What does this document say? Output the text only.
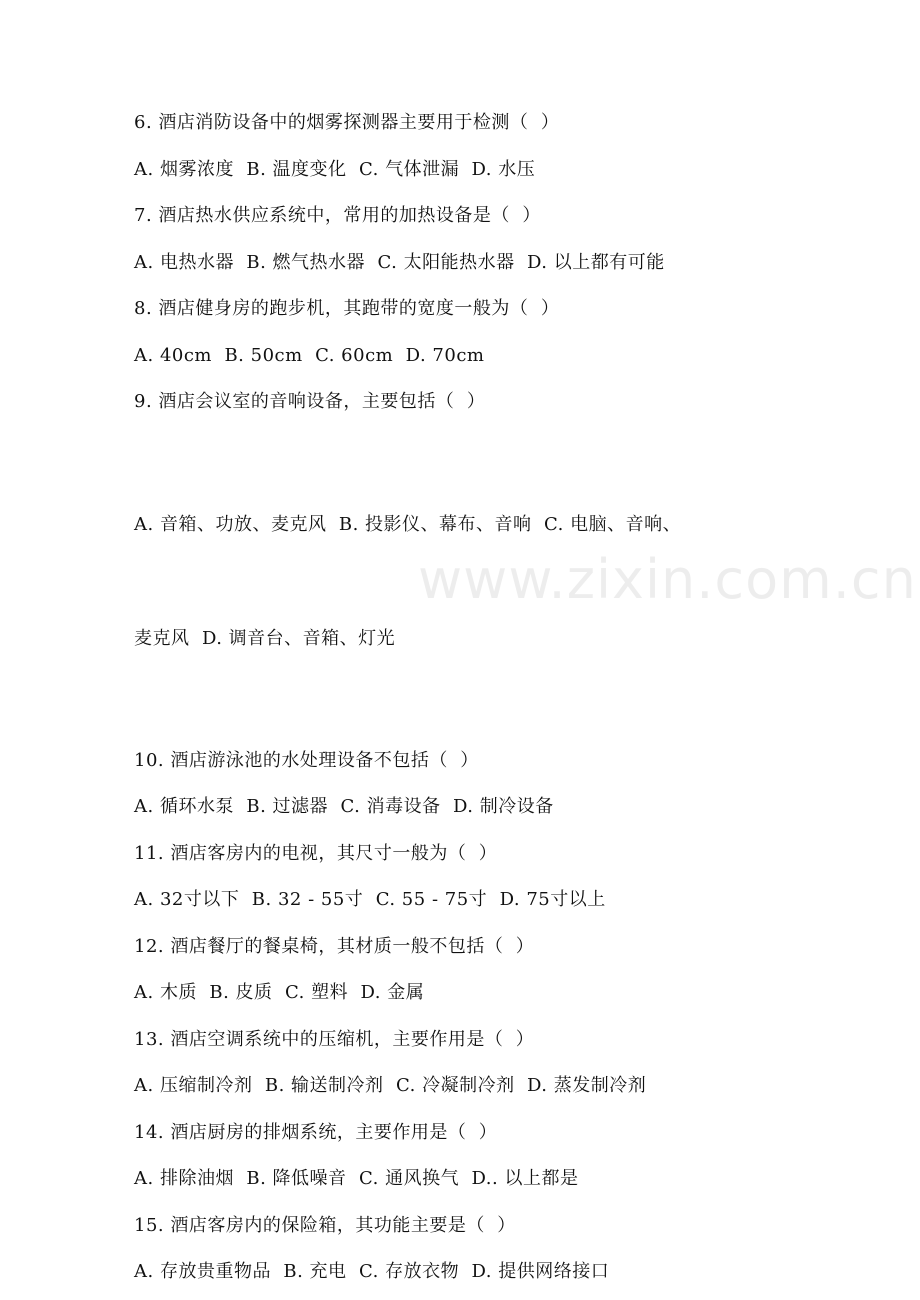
www.zixin.com.cn
6. 酒店消防设备中的烟雾探测器主要用于检测（  ）
A. 烟雾浓度  B. 温度变化  C. 气体泄漏  D. 水压
7. 酒店热水供应系统中，常用的加热设备是（  ）
A. 电热水器  B. 燃气热水器  C. 太阳能热水器  D. 以上都有可能
8. 酒店健身房的跑步机，其跑带的宽度一般为（  ）
A. 40cm  B. 50cm  C. 60cm  D. 70cm
9. 酒店会议室的音响设备，主要包括（  ）

A. 音箱、功放、麦克风  B. 投影仪、幕布、音响  C. 电脑、音响、

麦克风  D. 调音台、音箱、灯光

10. 酒店游泳池的水处理设备不包括（  ）
A. 循环水泵  B. 过滤器  C. 消毒设备  D. 制冷设备
11. 酒店客房内的电视，其尺寸一般为（  ）
A. 32寸以下  B. 32 - 55寸  C. 55 - 75寸  D. 75寸以上
12. 酒店餐厅的餐桌椅，其材质一般不包括（  ）
A. 木质  B. 皮质  C. 塑料  D. 金属
13. 酒店空调系统中的压缩机，主要作用是（  ）
A. 压缩制冷剂  B. 输送制冷剂  C. 冷凝制冷剂  D. 蒸发制冷剂
14. 酒店厨房的排烟系统，主要作用是（  ）
A. 排除油烟  B. 降低噪音  C. 通风换气  D.. 以上都是
15. 酒店客房内的保险箱，其功能主要是（  ）
A. 存放贵重物品  B. 充电  C. 存放衣物  D. 提供网络接口
